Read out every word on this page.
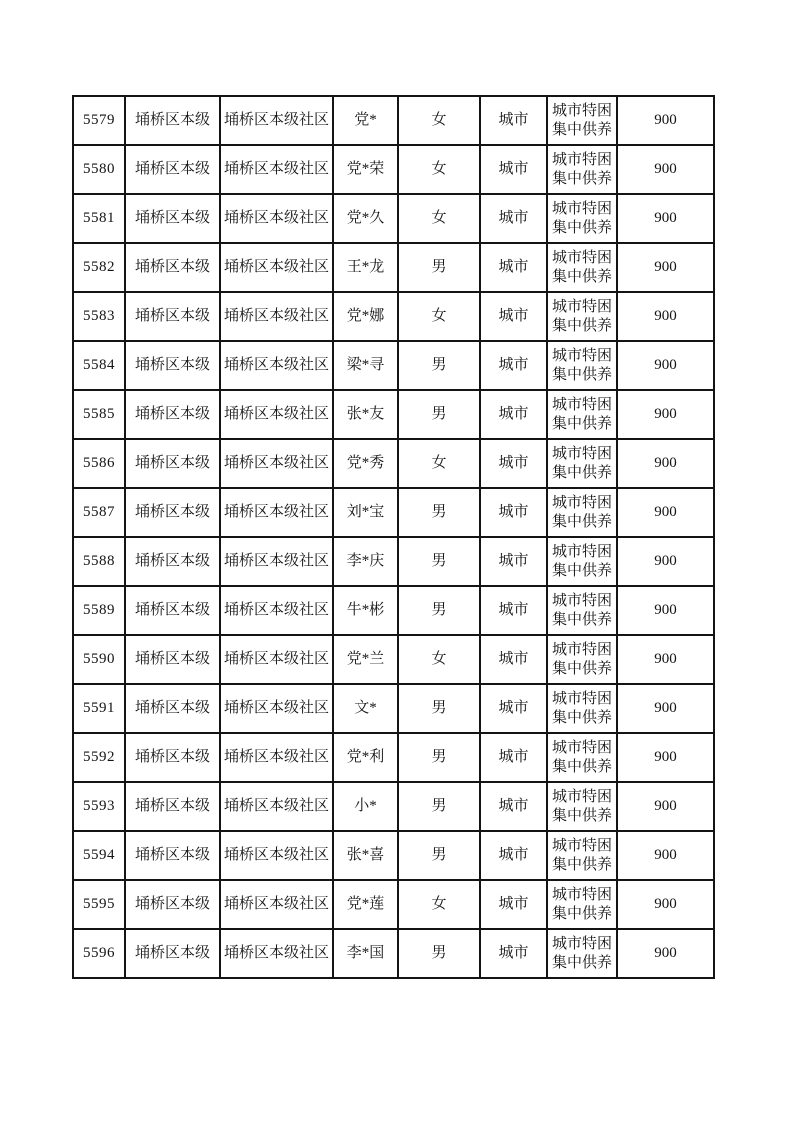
5579	埇桥区本级	埇桥区本级社区	党*	女	城市	城市特困集中供养	900
5580	埇桥区本级	埇桥区本级社区	党*荣	女	城市	城市特困集中供养	900
5581	埇桥区本级	埇桥区本级社区	党*久	女	城市	城市特困集中供养	900
5582	埇桥区本级	埇桥区本级社区	王*龙	男	城市	城市特困集中供养	900
5583	埇桥区本级	埇桥区本级社区	党*娜	女	城市	城市特困集中供养	900
5584	埇桥区本级	埇桥区本级社区	梁*寻	男	城市	城市特困集中供养	900
5585	埇桥区本级	埇桥区本级社区	张*友	男	城市	城市特困集中供养	900
5586	埇桥区本级	埇桥区本级社区	党*秀	女	城市	城市特困集中供养	900
5587	埇桥区本级	埇桥区本级社区	刘*宝	男	城市	城市特困集中供养	900
5588	埇桥区本级	埇桥区本级社区	李*庆	男	城市	城市特困集中供养	900
5589	埇桥区本级	埇桥区本级社区	牛*彬	男	城市	城市特困集中供养	900
5590	埇桥区本级	埇桥区本级社区	党*兰	女	城市	城市特困集中供养	900
5591	埇桥区本级	埇桥区本级社区	文*	男	城市	城市特困集中供养	900
5592	埇桥区本级	埇桥区本级社区	党*利	男	城市	城市特困集中供养	900
5593	埇桥区本级	埇桥区本级社区	小*	男	城市	城市特困集中供养	900
5594	埇桥区本级	埇桥区本级社区	张*喜	男	城市	城市特困集中供养	900
5595	埇桥区本级	埇桥区本级社区	党*莲	女	城市	城市特困集中供养	900
5596	埇桥区本级	埇桥区本级社区	李*国	男	城市	城市特困集中供养	900
